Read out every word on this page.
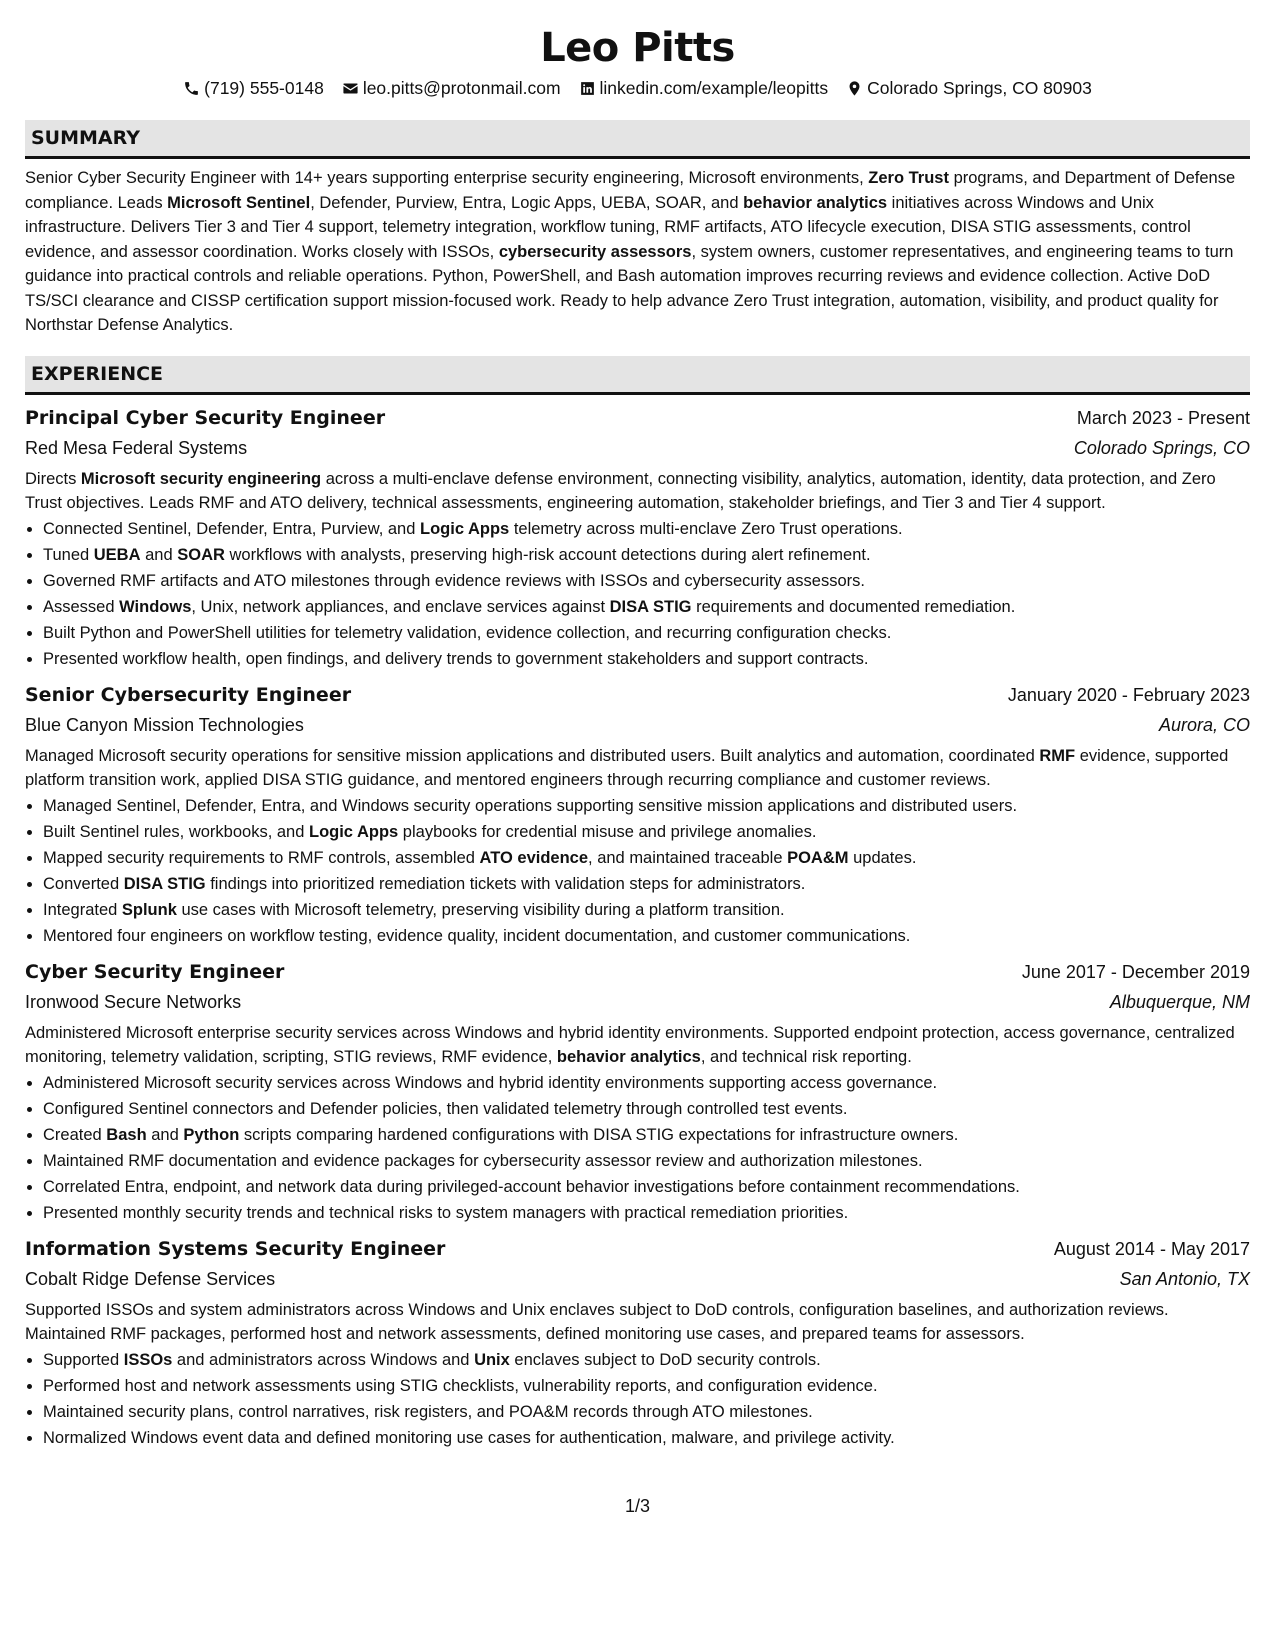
Leo Pitts
(719) 555-0148 leo.pitts@protonmail.com linkedin.com/example/leopitts Colorado Springs, CO 80903
SUMMARY

Senior Cyber Security Engineer with 14+ years supporting enterprise security engineering, Microsoft environments, Zero Trust programs, and Department of Defense compliance. Leads Microsoft Sentinel, Defender, Purview, Entra, Logic Apps, UEBA, SOAR, and behavior analytics initiatives across Windows and Unix infrastructure. Delivers Tier 3 and Tier 4 support, telemetry integration, workflow tuning, RMF artifacts, ATO lifecycle execution, DISA STIG assessments, control evidence, and assessor coordination. Works closely with ISSOs, cybersecurity assessors, system owners, customer representatives, and engineering teams to turn guidance into practical controls and reliable operations. Python, PowerShell, and Bash automation improves recurring reviews and evidence collection. Active DoD TS/SCI clearance and CISSP certification support mission-focused work. Ready to help advance Zero Trust integration, automation, visibility, and product quality for Northstar Defense Analytics.

EXPERIENCE
Principal Cyber Security Engineer	March 2023 - Present
Red Mesa Federal Systems	Colorado Springs, CO

Directs Microsoft security engineering across a multi-enclave defense environment, connecting visibility, analytics, automation, identity, data protection, and Zero Trust objectives. Leads RMF and ATO delivery, technical assessments, engineering automation, stakeholder briefings, and Tier 3 and Tier 4 support.

• Connected Sentinel, Defender, Entra, Purview, and Logic Apps telemetry across multi-enclave Zero Trust operations.
• Tuned UEBA and SOAR workflows with analysts, preserving high-risk account detections during alert refinement.
• Governed RMF artifacts and ATO milestones through evidence reviews with ISSOs and cybersecurity assessors.
• Assessed Windows, Unix, network appliances, and enclave services against DISA STIG requirements and documented remediation.
• Built Python and PowerShell utilities for telemetry validation, evidence collection, and recurring configuration checks.
• Presented workflow health, open findings, and delivery trends to government stakeholders and support contracts.
Senior Cybersecurity Engineer	January 2020 - February 2023
Blue Canyon Mission Technologies	Aurora, CO

Managed Microsoft security operations for sensitive mission applications and distributed users. Built analytics and automation, coordinated RMF evidence, supported platform transition work, applied DISA STIG guidance, and mentored engineers through recurring compliance and customer reviews.

• Managed Sentinel, Defender, Entra, and Windows security operations supporting sensitive mission applications and distributed users.
• Built Sentinel rules, workbooks, and Logic Apps playbooks for credential misuse and privilege anomalies.
• Mapped security requirements to RMF controls, assembled ATO evidence, and maintained traceable POA&M updates.
• Converted DISA STIG findings into prioritized remediation tickets with validation steps for administrators.
• Integrated Splunk use cases with Microsoft telemetry, preserving visibility during a platform transition.
• Mentored four engineers on workflow testing, evidence quality, incident documentation, and customer communications.
Cyber Security Engineer	June 2017 - December 2019
Ironwood Secure Networks	Albuquerque, NM

Administered Microsoft enterprise security services across Windows and hybrid identity environments. Supported endpoint protection, access governance, centralized monitoring, telemetry validation, scripting, STIG reviews, RMF evidence, behavior analytics, and technical risk reporting.

• Administered Microsoft security services across Windows and hybrid identity environments supporting access governance.
• Configured Sentinel connectors and Defender policies, then validated telemetry through controlled test events.
• Created Bash and Python scripts comparing hardened configurations with DISA STIG expectations for infrastructure owners.
• Maintained RMF documentation and evidence packages for cybersecurity assessor review and authorization milestones.
• Correlated Entra, endpoint, and network data during privileged-account behavior investigations before containment recommendations.
• Presented monthly security trends and technical risks to system managers with practical remediation priorities.
Information Systems Security Engineer	August 2014 - May 2017
Cobalt Ridge Defense Services	San Antonio, TX

Supported ISSOs and system administrators across Windows and Unix enclaves subject to DoD controls, configuration baselines, and authorization reviews. Maintained RMF packages, performed host and network assessments, defined monitoring use cases, and prepared teams for assessors.

• Supported ISSOs and administrators across Windows and Unix enclaves subject to DoD security controls.
• Performed host and network assessments using STIG checklists, vulnerability reports, and configuration evidence.
• Maintained security plans, control narratives, risk registers, and POA&M records through ATO milestones.
• Normalized Windows event data and defined monitoring use cases for authentication, malware, and privilege activity.
1/3
